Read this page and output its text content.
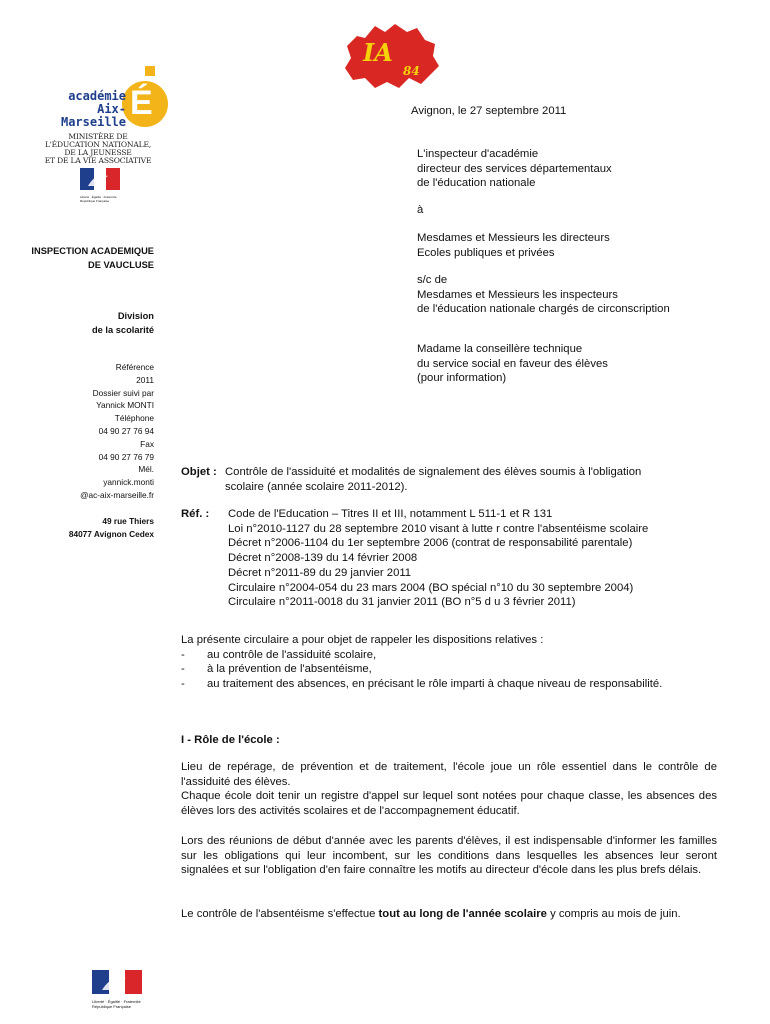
IA
84
É
académie
Aix-Marseille
MINISTÈRE DE
L'ÉDUCATION NATIONALE,
DE LA JEUNESSE
ET DE LA VIE ASSOCIATIVE
Liberté · Égalité · Fraternité
République Française
INSPECTION ACADEMIQUE
DE VAUCLUSE
Division
de la scolarité
Référence
2011
Dossier suivi par
Yannick MONTI
Téléphone
04 90 27 76 94
Fax
04 90 27 76 79
Mél.
yannick.monti
@ac-aix-marseille.fr
49 rue Thiers
84077 Avignon Cedex
Liberté · Égalité · Fraternité
République Française
Avignon, le 27 septembre 2011
L'inspecteur d'académie
directeur des services départementaux
de l'éducation nationale
à
Mesdames et Messieurs les directeurs
Ecoles publiques et privées
s/c de
Mesdames et Messieurs les inspecteurs
de l'éducation nationale chargés de circonscription
Madame la conseillère technique
du service social en faveur des élèves
(pour information)
Objet : Contrôle de l'assiduité et modalités de signalement des élèves soumis à l'obligation
scolaire (année scolaire 2011-2012).
Réf. :	Code de l'Education – Titres II et III, notamment L 511-1 et R 131
Loi n°2010-1127 du 28 septembre 2010 visant à lutte r contre l'absentéisme scolaire
Décret n°2006-1104 du 1er septembre 2006 (contrat de responsabilité parentale)
Décret n°2008-139 du 14 février 2008
Décret n°2011-89 du 29 janvier 2011
Circulaire n°2004-054 du 23 mars 2004 (BO spécial n°10 du 30 septembre 2004)
Circulaire n°2011-0018 du 31 janvier 2011 (BO n°5 d u 3 février 2011)
La présente circulaire a pour objet de rappeler les dispositions relatives :
-	au contrôle de l'assiduité scolaire,
-	à la prévention de l'absentéisme,
-	au traitement des absences, en précisant le rôle imparti à chaque niveau de responsabilité.
I - Rôle de l'école :
Lieu de repérage, de prévention et de traitement, l'école joue un rôle essentiel dans le contrôle de l'assiduité des élèves.
Chaque école doit tenir un registre d'appel sur lequel sont notées pour chaque classe, les absences des élèves lors des activités scolaires et de l'accompagnement éducatif.
Lors des réunions de début d'année avec les parents d'élèves, il est indispensable d'informer les familles sur les obligations qui leur incombent, sur les conditions dans lesquelles les absences leur seront signalées et sur l'obligation d'en faire connaître les motifs au directeur d'école dans les plus brefs délais.
Le contrôle de l'absentéisme s'effectue tout au long de l'année scolaire y compris au mois de juin.
